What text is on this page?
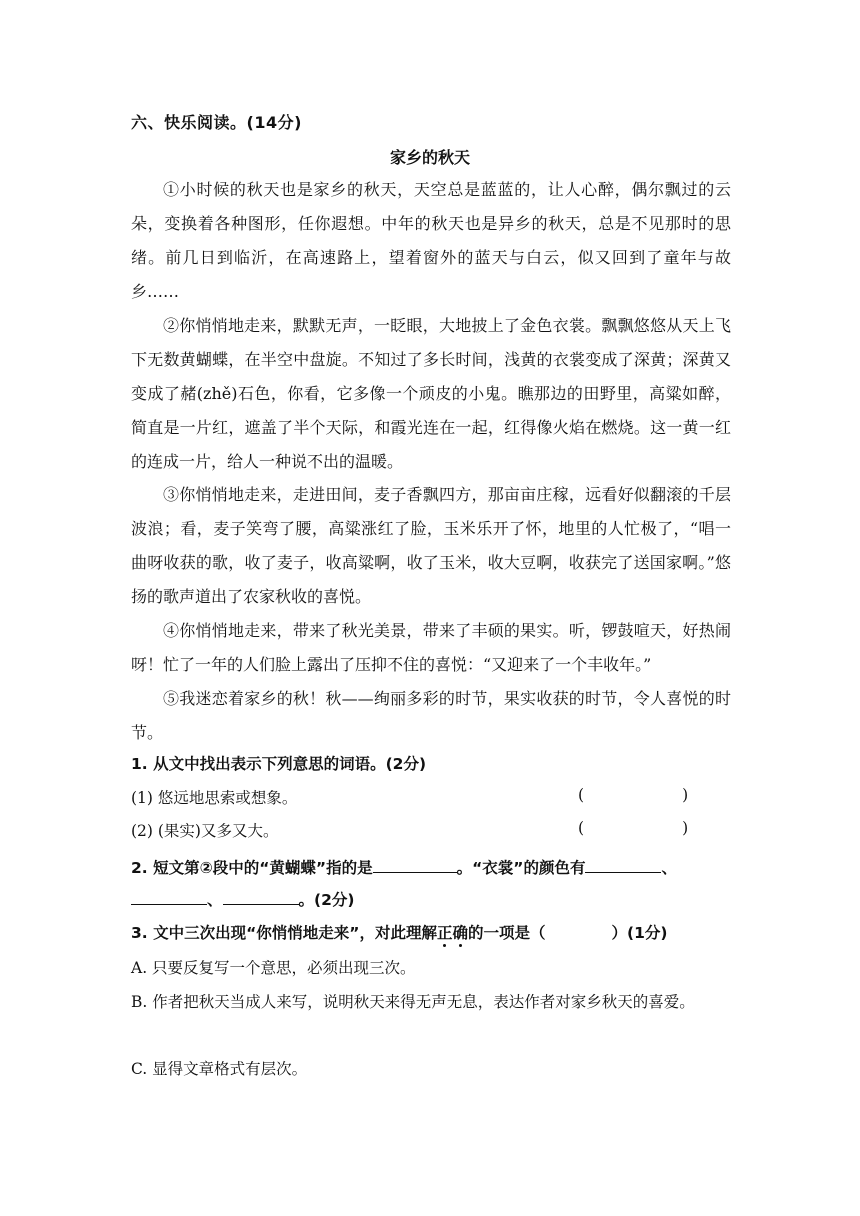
六、快乐阅读。(14分)
家乡的秋天

①小时候的秋天也是家乡的秋天，天空总是蓝蓝的，让人心醉，偶尔飘过的云朵，变换着各种图形，任你遐想。中年的秋天也是异乡的秋天，总是不见那时的思绪。前几日到临沂，在高速路上，望着窗外的蓝天与白云，似又回到了童年与故乡……

②你悄悄地走来，默默无声，一眨眼，大地披上了金色衣裳。飘飘悠悠从天上飞下无数黄蝴蝶，在半空中盘旋。不知过了多长时间，浅黄的衣裳变成了深黄；深黄又变成了赭(zhě)石色，你看，它多像一个顽皮的小鬼。瞧那边的田野里，高粱如醉，简直是一片红，遮盖了半个天际，和霞光连在一起，红得像火焰在燃烧。这一黄一红的连成一片，给人一种说不出的温暖。

③你悄悄地走来，走进田间，麦子香飘四方，那亩亩庄稼，远看好似翻滚的千层波浪；看，麦子笑弯了腰，高粱涨红了脸，玉米乐开了怀，地里的人忙极了，“唱一曲呀收获的歌，收了麦子，收高粱啊，收了玉米，收大豆啊，收获完了送国家啊。”悠扬的歌声道出了农家秋收的喜悦。

④你悄悄地走来，带来了秋光美景，带来了丰硕的果实。听，锣鼓喧天，好热闹呀！忙了一年的人们脸上露出了压抑不住的喜悦：“又迎来了一个丰收年。”

⑤我迷恋着家乡的秋！秋——绚丽多彩的时节，果实收获的时节，令人喜悦的时节。

1. 从文中找出表示下列意思的词语。(2分)
(1) 悠远地思索或想象。	(	)
(2) (果实)又多又大。	(	)
2. 短文第②段中的“黄蝴蝶”指的是	。“衣裳”的颜色有	、
、	。(2分)
3. 文中三次出现“你悄悄地走来”，对此理解正确的一项是（	）(1分)
A. 只要反复写一个意思，必须出现三次。
B. 作者把秋天当成人来写，说明秋天来得无声无息，表达作者对家乡秋天的喜爱。
C. 显得文章格式有层次。
